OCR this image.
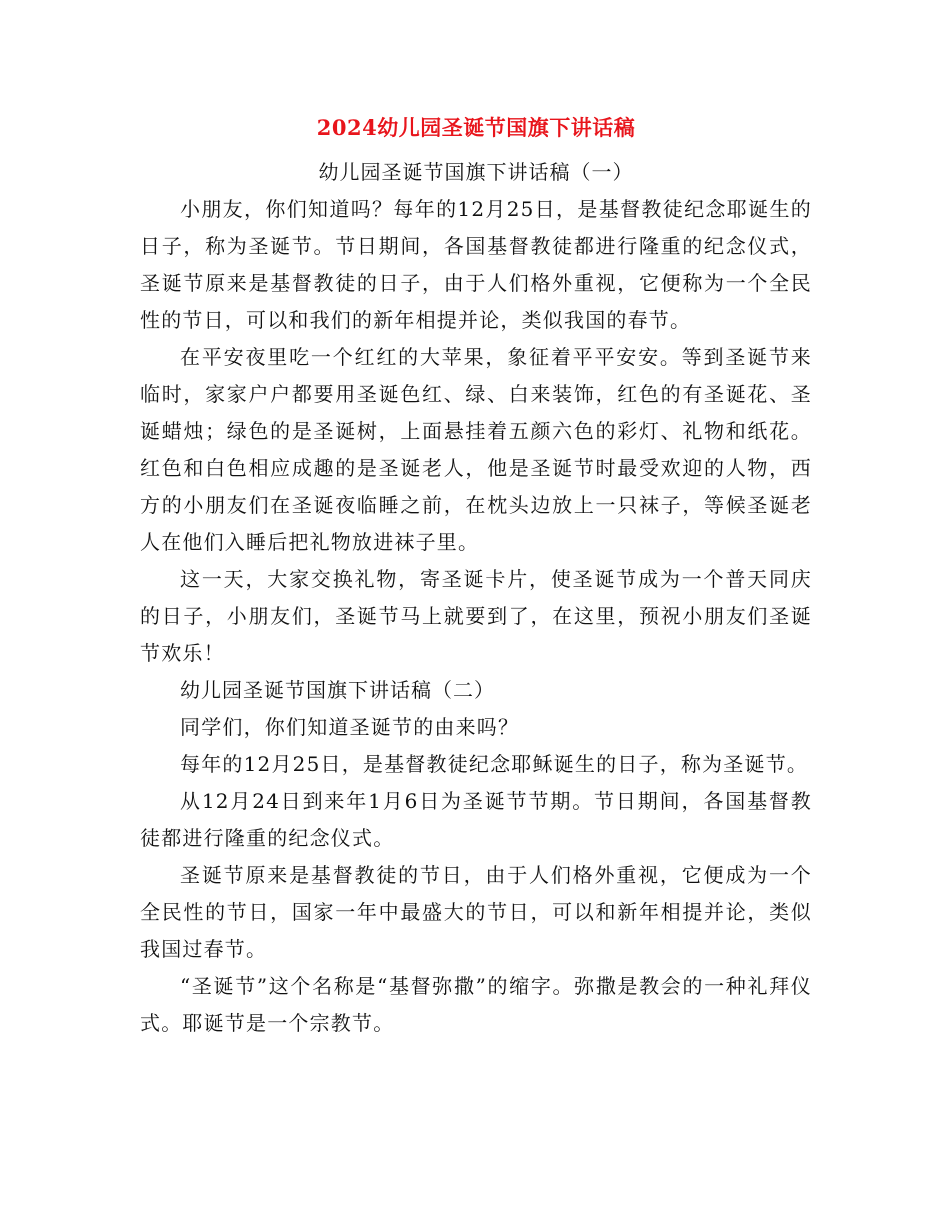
2024幼儿园圣诞节国旗下讲话稿

幼儿园圣诞节国旗下讲话稿（一）

小朋友，你们知道吗？每年的12月25日，是基督教徒纪念耶诞生的日子，称为圣诞节。节日期间，各国基督教徒都进行隆重的纪念仪式，圣诞节原来是基督教徒的日子，由于人们格外重视，它便称为一个全民性的节日，可以和我们的新年相提并论，类似我国的春节。

在平安夜里吃一个红红的大苹果，象征着平平安安。等到圣诞节来临时，家家户户都要用圣诞色红、绿、白来装饰，红色的有圣诞花、圣诞蜡烛；绿色的是圣诞树，上面悬挂着五颜六色的彩灯、礼物和纸花。红色和白色相应成趣的是圣诞老人，他是圣诞节时最受欢迎的人物，西方的小朋友们在圣诞夜临睡之前，在枕头边放上一只袜子，等候圣诞老人在他们入睡后把礼物放进袜子里。

这一天，大家交换礼物，寄圣诞卡片，使圣诞节成为一个普天同庆的日子，小朋友们，圣诞节马上就要到了，在这里，预祝小朋友们圣诞节欢乐！

幼儿园圣诞节国旗下讲话稿（二）

同学们，你们知道圣诞节的由来吗？

每年的12月25日，是基督教徒纪念耶稣诞生的日子，称为圣诞节。

从12月24日到来年1月6日为圣诞节节期。节日期间，各国基督教徒都进行隆重的纪念仪式。

圣诞节原来是基督教徒的节日，由于人们格外重视，它便成为一个全民性的节日，国家一年中最盛大的节日，可以和新年相提并论，类似我国过春节。

“圣诞节”这个名称是“基督弥撒”的缩字。弥撒是教会的一种礼拜仪式。耶诞节是一个宗教节。
